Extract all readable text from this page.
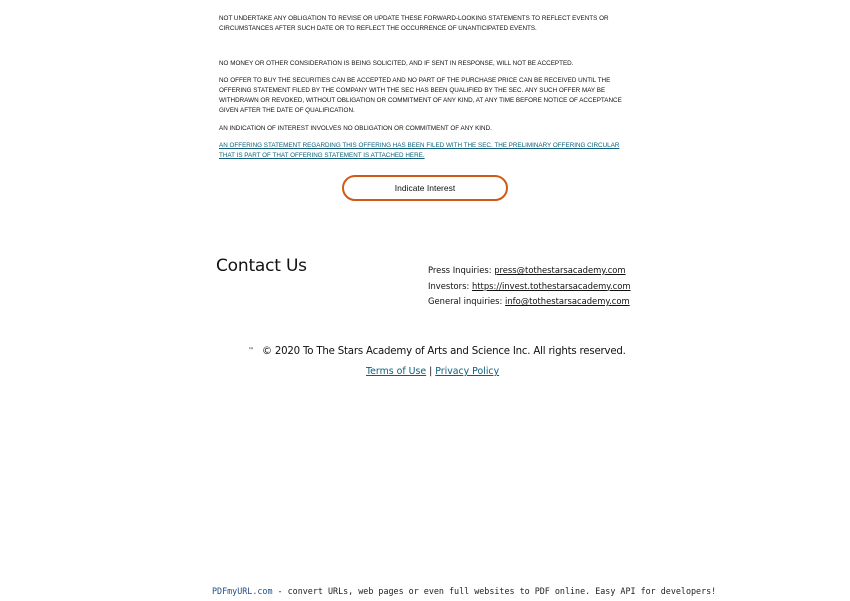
NOT UNDERTAKE ANY OBLIGATION TO REVISE OR UPDATE THESE FORWARD-LOOKING STATEMENTS TO REFLECT EVENTS OR CIRCUMSTANCES AFTER SUCH DATE OR TO REFLECT THE OCCURRENCE OF UNANTICIPATED EVENTS.

NO MONEY OR OTHER CONSIDERATION IS BEING SOLICITED, AND IF SENT IN RESPONSE, WILL NOT BE ACCEPTED.

NO OFFER TO BUY THE SECURITIES CAN BE ACCEPTED AND NO PART OF THE PURCHASE PRICE CAN BE RECEIVED UNTIL THE OFFERING STATEMENT FILED BY THE COMPANY WITH THE SEC HAS BEEN QUALIFIED BY THE SEC. ANY SUCH OFFER MAY BE WITHDRAWN OR REVOKED, WITHOUT OBLIGATION OR COMMITMENT OF ANY KIND, AT ANY TIME BEFORE NOTICE OF ACCEPTANCE GIVEN AFTER THE DATE OF QUALIFICATION.

AN INDICATION OF INTEREST INVOLVES NO OBLIGATION OR COMMITMENT OF ANY KIND.

AN OFFERING STATEMENT REGARDING THIS OFFERING HAS BEEN FILED WITH THE SEC. THE PRELIMINARY OFFERING CIRCULAR THAT IS PART OF THAT OFFERING STATEMENT IS ATTACHED HERE.

Indicate Interest
Contact Us	Press Inquiries: press@tothestarsacademy.com
Investors: https://invest.tothestarsacademy.com
General inquiries: info@tothestarsacademy.com
™ © 2020 To The Stars Academy of Arts and Science Inc. All rights reserved.
Terms of Use | Privacy Policy
PDFmyURL.com - convert URLs, web pages or even full websites to PDF online. Easy API for developers!
